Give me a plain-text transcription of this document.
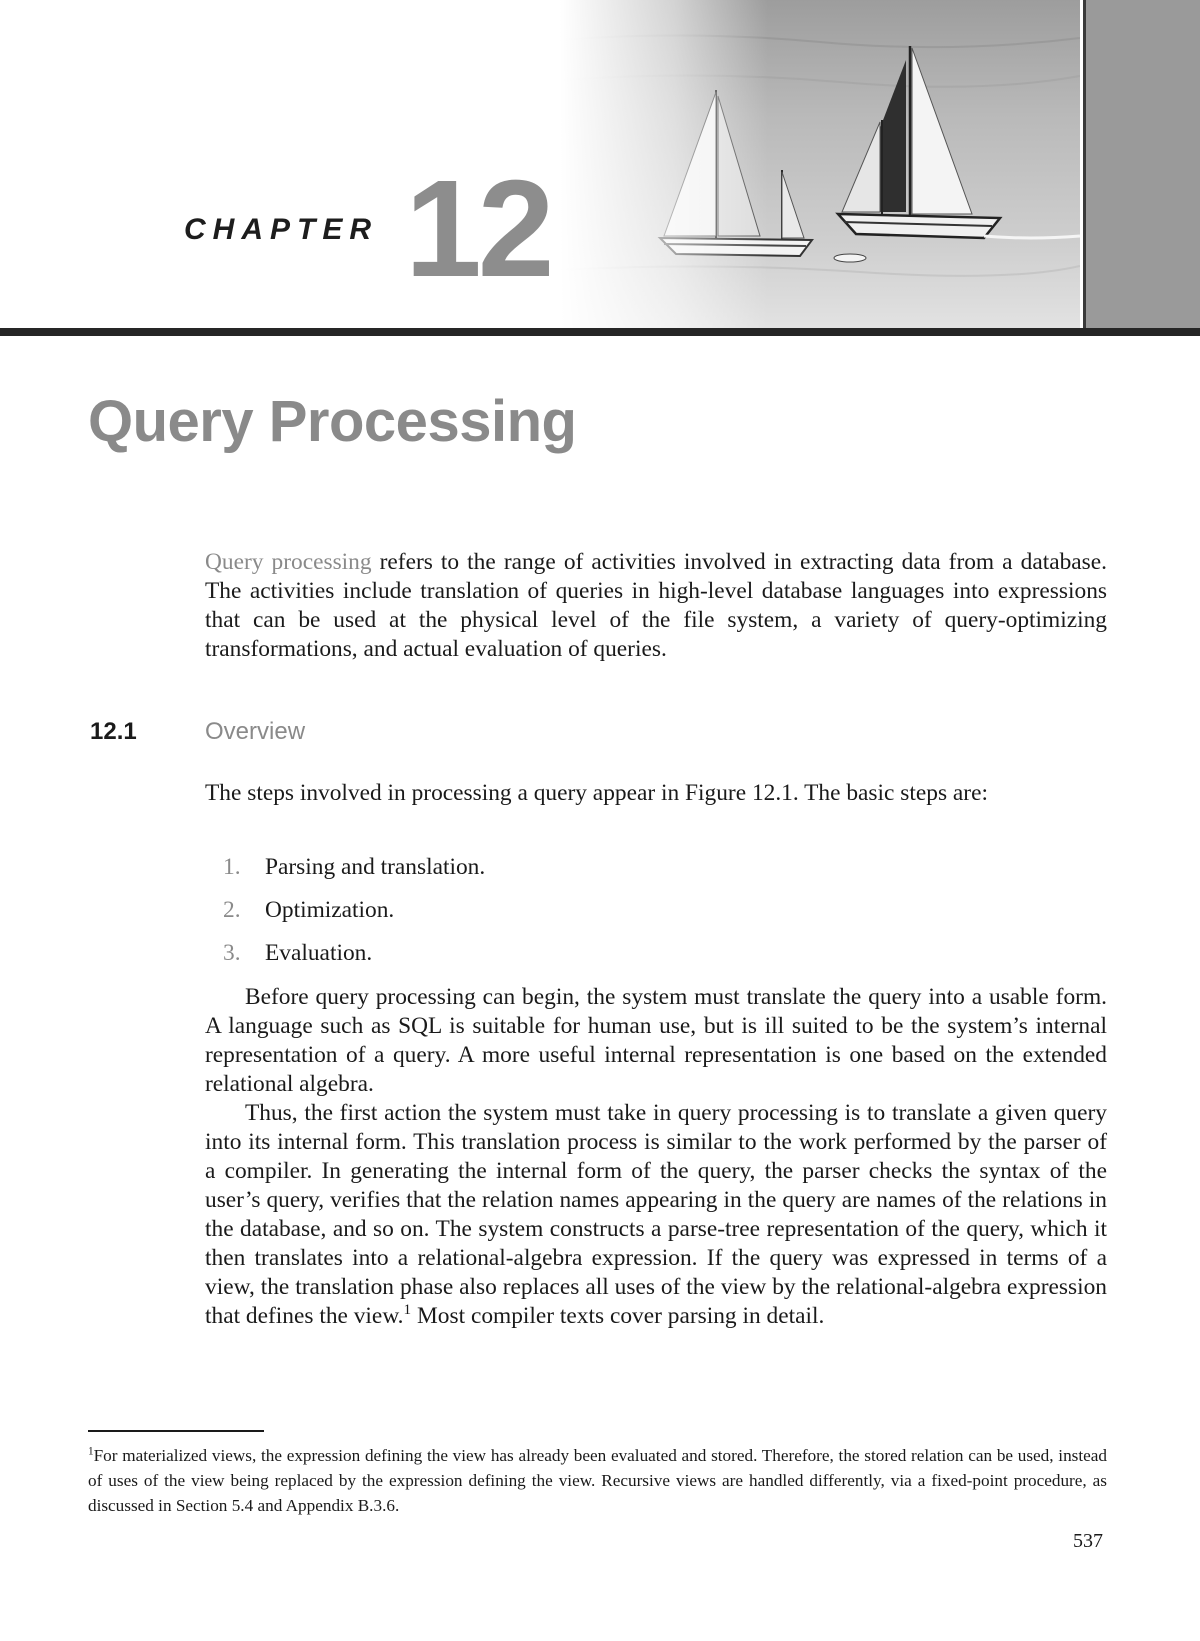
CHAPTER 12
Query Processing

Query processing refers to the range of activities involved in extracting data from a database. The activities include translation of queries in high-level database languages into expressions that can be used at the physical level of the file system, a variety of query-optimizing transformations, and actual evaluation of queries.

12.1	Overview

The steps involved in processing a query appear in Figure 12.1. The basic steps are:

1. Parsing and translation.
2. Optimization.
3. Evaluation.

Before query processing can begin, the system must translate the query into a usable form. A language such as SQL is suitable for human use, but is ill suited to be the system’s internal representation of a query. A more useful internal representation is one based on the extended relational algebra.

Thus, the first action the system must take in query processing is to translate a given query into its internal form. This translation process is similar to the work performed by the parser of a compiler. In generating the internal form of the query, the parser checks the syntax of the user’s query, verifies that the relation names appearing in the query are names of the relations in the database, and so on. The system constructs a parse-tree representation of the query, which it then translates into a relational-algebra expression. If the query was expressed in terms of a view, the translation phase also replaces all uses of the view by the relational-algebra expression that defines the view.$^1$ Most compiler texts cover parsing in detail.

$^1$For materialized views, the expression defining the view has already been evaluated and stored. Therefore, the stored relation can be used, instead of uses of the view being replaced by the expression defining the view. Recursive views are handled differently, via a fixed-point procedure, as discussed in Section 5.4 and Appendix B.3.6.
537
